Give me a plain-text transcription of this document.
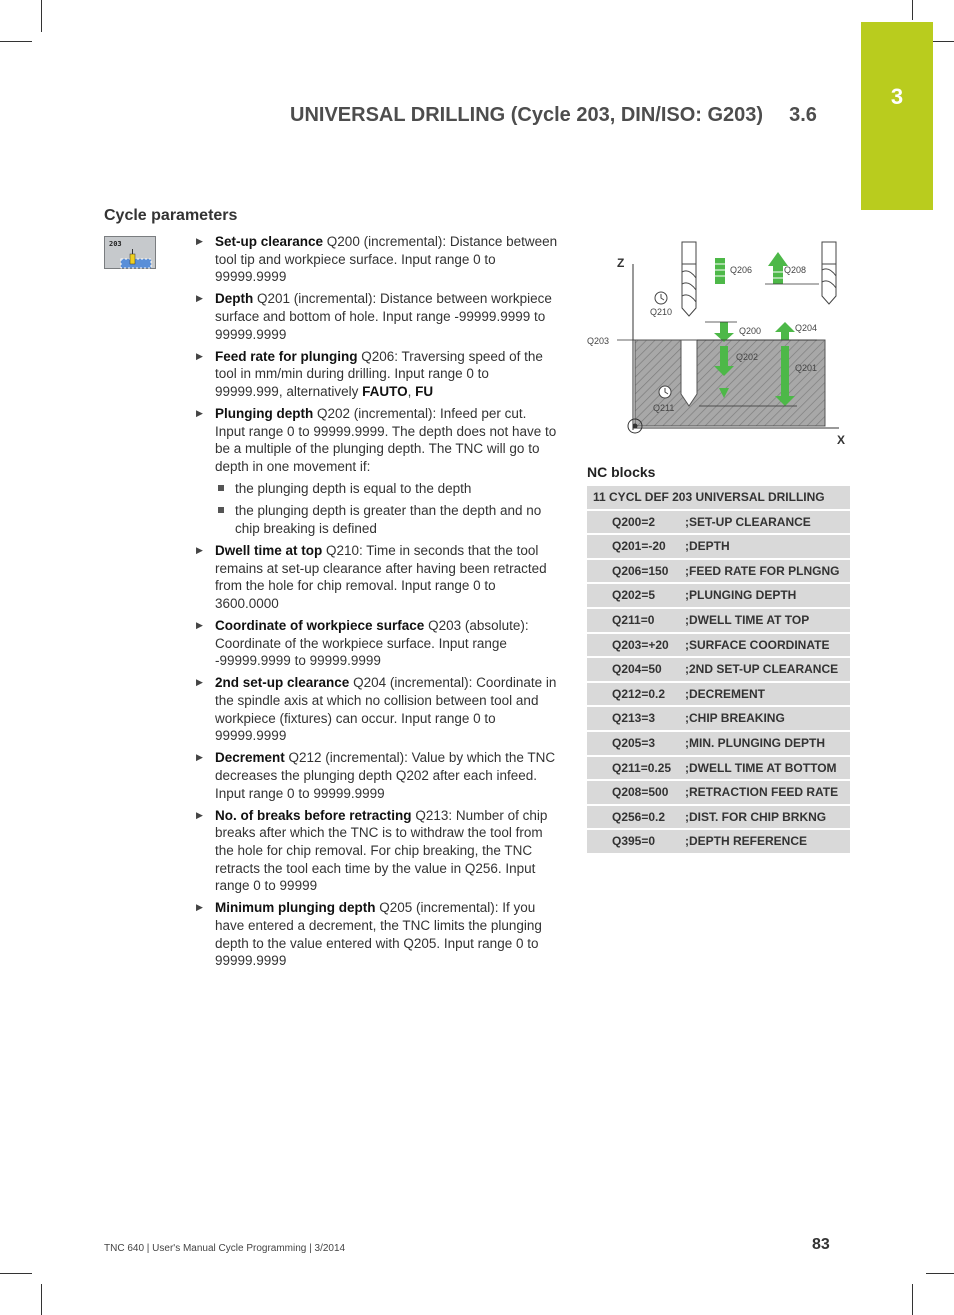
3
UNIVERSAL DRILLING (Cycle 203, DIN/ISO: G203) 3.6
Cycle parameters
203	▶ Set-up clearance Q200 (incremental): Distance between tool tip and workpiece surface. Input range 0 to 99999.9999
▶ Depth Q201 (incremental): Distance between workpiece surface and bottom of hole. Input range -99999.9999 to 99999.9999
▶ Feed rate for plunging Q206: Traversing speed of the tool in mm/min during drilling. Input range 0 to 99999.999, alternatively FAUTO, FU
▶ Plunging depth Q202 (incremental): Infeed per cut. Input range 0 to 99999.9999. The depth does not have to be a multiple of the plunging depth. The TNC will go to depth in one movement if:
the plunging depth is equal to the depth
the plunging depth is greater than the depth and no chip breaking is defined
▶ Dwell time at top Q210: Time in seconds that the tool remains at set-up clearance after having been retracted from the hole for chip removal. Input range 0 to 3600.0000
▶ Coordinate of workpiece surface Q203 (absolute): Coordinate of the workpiece surface. Input range -99999.9999 to 99999.9999
▶ 2nd set-up clearance Q204 (incremental): Coordinate in the spindle axis at which no collision between tool and workpiece (fixtures) can occur. Input range 0 to 99999.9999
▶ Decrement Q212 (incremental): Value by which the TNC decreases the plunging depth Q202 after each infeed. Input range 0 to 99999.9999
▶ No. of breaks before retracting Q213: Number of chip breaks after which the TNC is to withdraw the tool from the hole for chip removal. For chip breaking, the TNC retracts the tool each time by the value in Q256. Input range 0 to 99999
▶ Minimum plunging depth Q205 (incremental): If you have entered a decrement, the TNC limits the plunging depth to the value entered with Q205. Input range 0 to 99999.9999
Z
X
Q206	Q208
Q210
Q200	Q204
Q203
Q202
Q201
Q211
NC blocks
11 CYCL DEF 203 UNIVERSAL DRILLING	
Q200=2	;SET-UP CLEARANCE
Q201=-20	;DEPTH
Q206=150	;FEED RATE FOR PLNGNG
Q202=5	;PLUNGING DEPTH
Q211=0	;DWELL TIME AT TOP
Q203=+20	;SURFACE COORDINATE
Q204=50	;2ND SET-UP CLEARANCE
Q212=0.2	;DECREMENT
Q213=3	;CHIP BREAKING
Q205=3	;MIN. PLUNGING DEPTH
Q211=0.25	;DWELL TIME AT BOTTOM
Q208=500	;RETRACTION FEED RATE
Q256=0.2	;DIST. FOR CHIP BRKNG
Q395=0	;DEPTH REFERENCE
TNC 640 | User's Manual Cycle Programming | 3/2014	83
